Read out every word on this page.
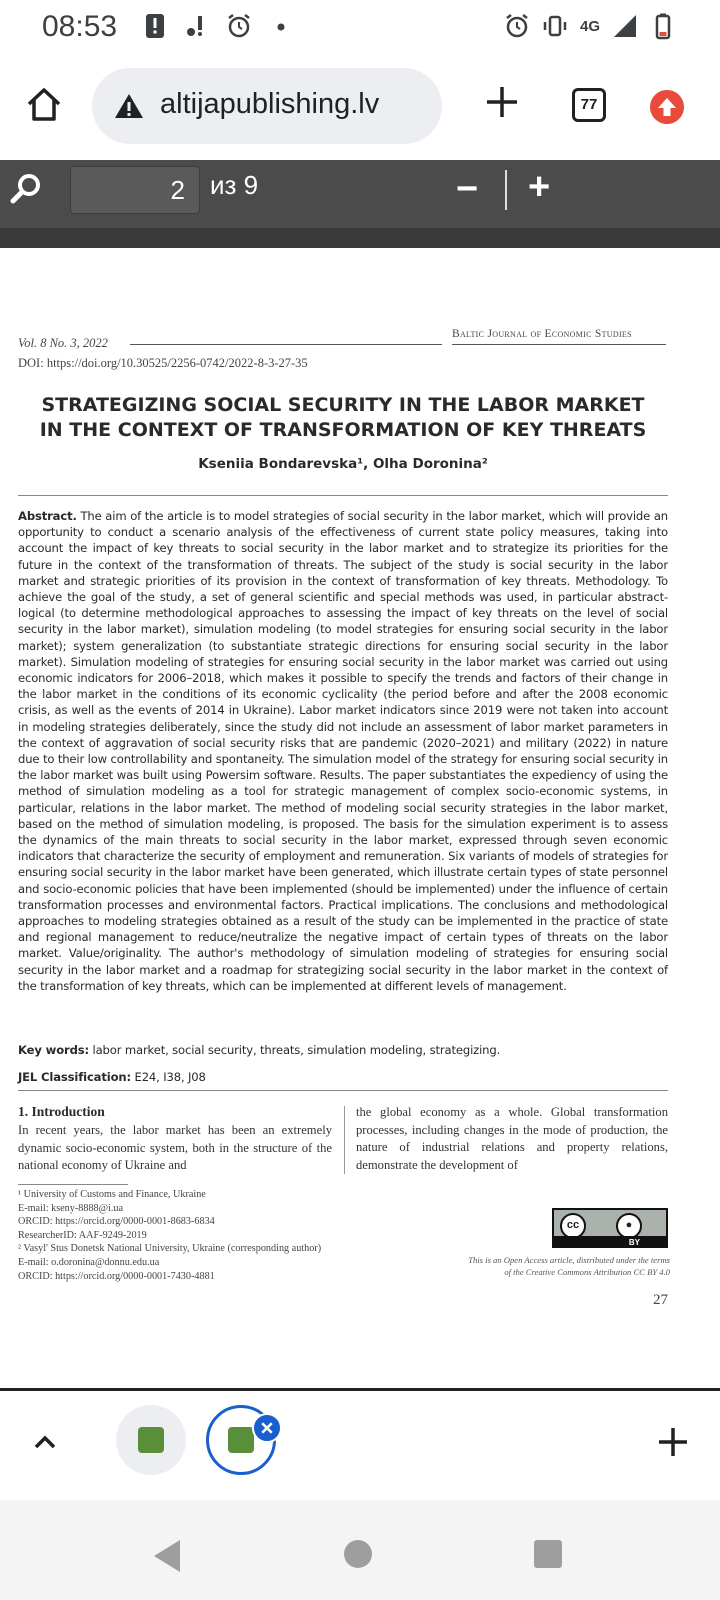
08:53	4G
altijapublishing.lv	77
2 из 9	− +
Vol. 8 No. 3, 2022
Baltic Journal of Economic Studies
DOI: https://doi.org/10.30525/2256-0742/2022-8-3-27-35
STRATEGIZING SOCIAL SECURITY IN THE LABOR MARKET
IN THE CONTEXT OF TRANSFORMATION OF KEY THREATS
Kseniia Bondarevska¹, Olha Doronina²
Abstract. The aim of the article is to model strategies of social security in the labor market, which will provide an opportunity to conduct a scenario analysis of the effectiveness of current state policy measures, taking into account the impact of key threats to social security in the labor market and to strategize its priorities for the future in the context of the transformation of threats. The subject of the study is social security in the labor market and strategic priorities of its provision in the context of transformation of key threats. Methodology. To achieve the goal of the study, a set of general scientific and special methods was used, in particular abstract-logical (to determine methodological approaches to assessing the impact of key threats on the level of social security in the labor market), simulation modeling (to model strategies for ensuring social security in the labor market); system generalization (to substantiate strategic directions for ensuring social security in the labor market). Simulation modeling of strategies for ensuring social security in the labor market was carried out using economic indicators for 2006–2018, which makes it possible to specify the trends and factors of their change in the labor market in the conditions of its economic cyclicality (the period before and after the 2008 economic crisis, as well as the events of 2014 in Ukraine). Labor market indicators since 2019 were not taken into account in modeling strategies deliberately, since the study did not include an assessment of labor market parameters in the context of aggravation of social security risks that are pandemic (2020–2021) and military (2022) in nature due to their low controllability and spontaneity. The simulation model of the strategy for ensuring social security in the labor market was built using Powersim software. Results. The paper substantiates the expediency of using the method of simulation modeling as a tool for strategic management of complex socio-economic systems, in particular, relations in the labor market. The method of modeling social security strategies in the labor market, based on the method of simulation modeling, is proposed. The basis for the simulation experiment is to assess the dynamics of the main threats to social security in the labor market, expressed through seven economic indicators that characterize the security of employment and remuneration. Six variants of models of strategies for ensuring social security in the labor market have been generated, which illustrate certain types of state personnel and socio-economic policies that have been implemented (should be implemented) under the influence of certain transformation processes and environmental factors. Practical implications. The conclusions and methodological approaches to modeling strategies obtained as a result of the study can be implemented in the practice of state and regional management to reduce/neutralize the negative impact of certain types of threats on the labor market. Value/originality. The author's methodology of simulation modeling of strategies for ensuring social security in the labor market and a roadmap for strategizing social security in the labor market in the context of the transformation of key threats, which can be implemented at different levels of management.
Key words: labor market, social security, threats, simulation modeling, strategizing.
JEL Classification: E24, I38, J08
1. Introduction
In recent years, the labor market has been an extremely dynamic socio-economic system, both in the structure of the national economy of Ukraine and
the global economy as a whole. Global transformation processes, including changes in the mode of production, the nature of industrial relations and property relations, demonstrate the development of
¹ University of Customs and Finance, Ukraine
E-mail: kseny-8888@i.ua
ORCID: https://orcid.org/0000-0001-8683-6834
ResearcherID: AAF-9249-2019
² Vasyl' Stus Donetsk National University, Ukraine (corresponding author)
E-mail: o.doronina@donnu.edu.ua
ORCID: https://orcid.org/0000-0001-7430-4881
cc	●
BY
This is an Open Access article, distributed under the terms
of the Creative Commons Attribution CC BY 4.0
27
